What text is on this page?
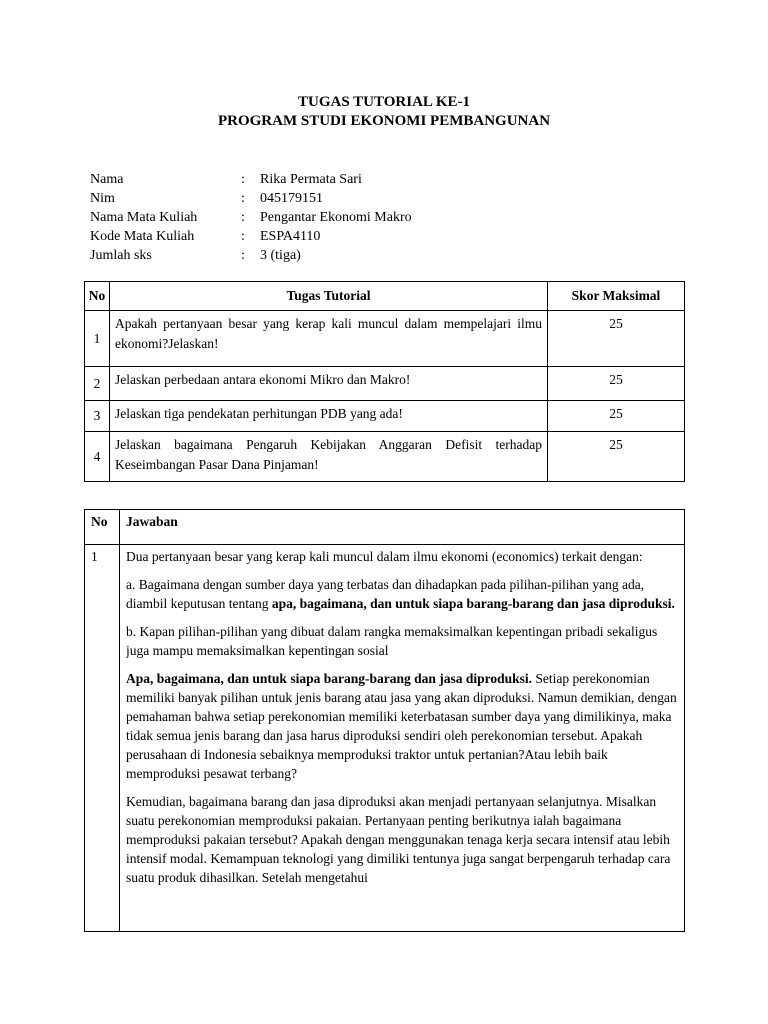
TUGAS TUTORIAL KE-1
PROGRAM STUDI EKONOMI PEMBANGUNAN
Nama	: Rika Permata Sari
Nim	: 045179151
Nama Mata Kuliah	: Pengantar Ekonomi Makro
Kode Mata Kuliah	: ESPA4110
Jumlah sks	: 3 (tiga)
No	Tugas Tutorial	Skor Maksimal
1	Apakah pertanyaan besar yang kerap kali muncul dalam mempelajari ilmu ekonomi?Jelaskan!	25
2	Jelaskan perbedaan antara ekonomi Mikro dan Makro!	25
3	Jelaskan tiga pendekatan perhitungan PDB yang ada!	25
4	Jelaskan bagaimana Pengaruh Kebijakan Anggaran Defisit terhadap Keseimbangan Pasar Dana Pinjaman!	25
No	Jawaban
1	Dua pertanyaan besar yang kerap kali muncul dalam ilmu ekonomi (economics) terkait dengan:

a. Bagaimana dengan sumber daya yang terbatas dan dihadapkan pada pilihan-pilihan yang ada, diambil keputusan tentang apa, bagaimana, dan untuk siapa barang-barang dan jasa diproduksi.

b. Kapan pilihan-pilihan yang dibuat dalam rangka memaksimalkan kepentingan pribadi sekaligus juga mampu memaksimalkan kepentingan sosial

Apa, bagaimana, dan untuk siapa barang-barang dan jasa diproduksi. Setiap perekonomian memiliki banyak pilihan untuk jenis barang atau jasa yang akan diproduksi. Namun demikian, dengan pemahaman bahwa setiap perekonomian memiliki keterbatasan sumber daya yang dimilikinya, maka tidak semua jenis barang dan jasa harus diproduksi sendiri oleh perekonomian tersebut. Apakah perusahaan di Indonesia sebaiknya memproduksi traktor untuk pertanian?Atau lebih baik memproduksi pesawat terbang?

Kemudian, bagaimana barang dan jasa diproduksi akan menjadi pertanyaan selanjutnya. Misalkan suatu perekonomian memproduksi pakaian. Pertanyaan penting berikutnya ialah bagaimana memproduksi pakaian tersebut? Apakah dengan menggunakan tenaga kerja secara intensif atau lebih intensif modal. Kemampuan teknologi yang dimiliki tentunya juga sangat berpengaruh terhadap cara suatu produk dihasilkan. Setelah mengetahui
